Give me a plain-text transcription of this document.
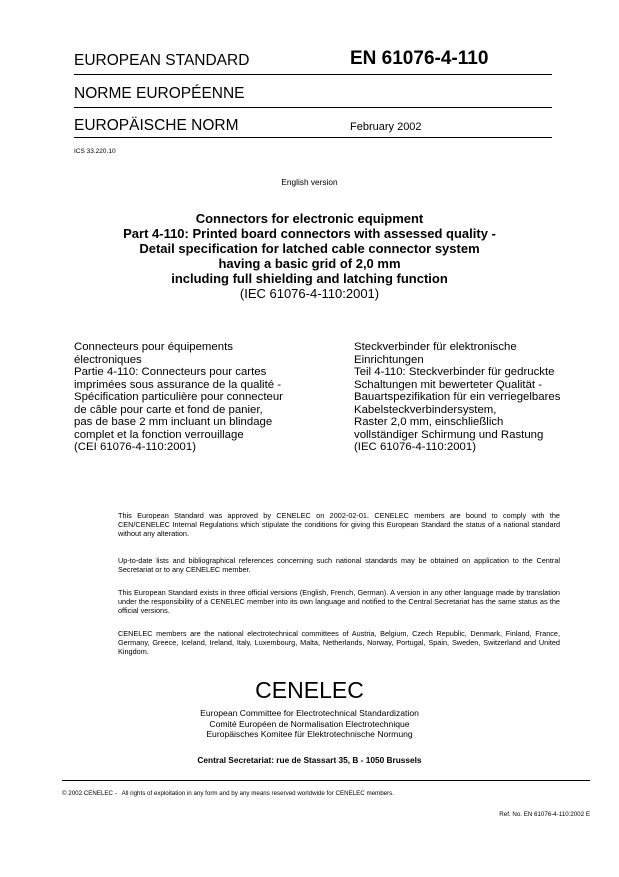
EUROPEAN STANDARD	EN 61076-4-110
NORME EUROPÉENNE
EUROPÄISCHE NORM	February 2002
ICS 33.220.10
English version
Connectors for electronic equipment
Part 4-110: Printed board connectors with assessed quality -
Detail specification for latched cable connector system
having a basic grid of 2,0 mm
including full shielding and latching function
(IEC 61076-4-110:2001)
Connecteurs pour équipements
électroniques
Partie 4-110: Connecteurs pour cartes
imprimées sous assurance de la qualité -
Spécification particulière pour connecteur
de câble pour carte et fond de panier,
pas de base 2 mm incluant un blindage
complet et la fonction verrouillage
(CEI 61076-4-110:2001)
Steckverbinder für elektronische
Einrichtungen
Teil 4-110: Steckverbinder für gedruckte
Schaltungen mit bewerteter Qualität -
Bauartspezifikation für ein verriegelbares
Kabelsteckverbindersystem,
Raster 2,0 mm, einschließlich
vollständiger Schirmung und Rastung
(IEC 61076-4-110:2001)

This European Standard was approved by CENELEC on 2002-02-01. CENELEC members are bound to comply with the CEN/CENELEC Internal Regulations which stipulate the conditions for giving this European Standard the status of a national standard without any alteration.

Up-to-date lists and bibliographical references concerning such national standards may be obtained on application to the Central Secretariat or to any CENELEC member.

This European Standard exists in three official versions (English, French, German). A version in any other language made by translation under the responsibility of a CENELEC member into its own language and notified to the Central Secretariat has the same status as the official versions.

CENELEC members are the national electrotechnical committees of Austria, Belgium, Czech Republic, Denmark, Finland, France, Germany, Greece, Iceland, Ireland, Italy, Luxembourg, Malta, Netherlands, Norway, Portugal, Spain, Sweden, Switzerland and United Kingdom.

CENELEC
European Committee for Electrotechnical Standardization
Comité Européen de Normalisation Electrotechnique
Europäisches Komitee für Elektrotechnische Normung
Central Secretariat: rue de Stassart 35, B - 1050 Brussels
© 2002 CENELEC -   All rights of exploitation in any form and by any means reserved worldwide for CENELEC members.
Ref. No. EN 61076-4-110:2002 E
